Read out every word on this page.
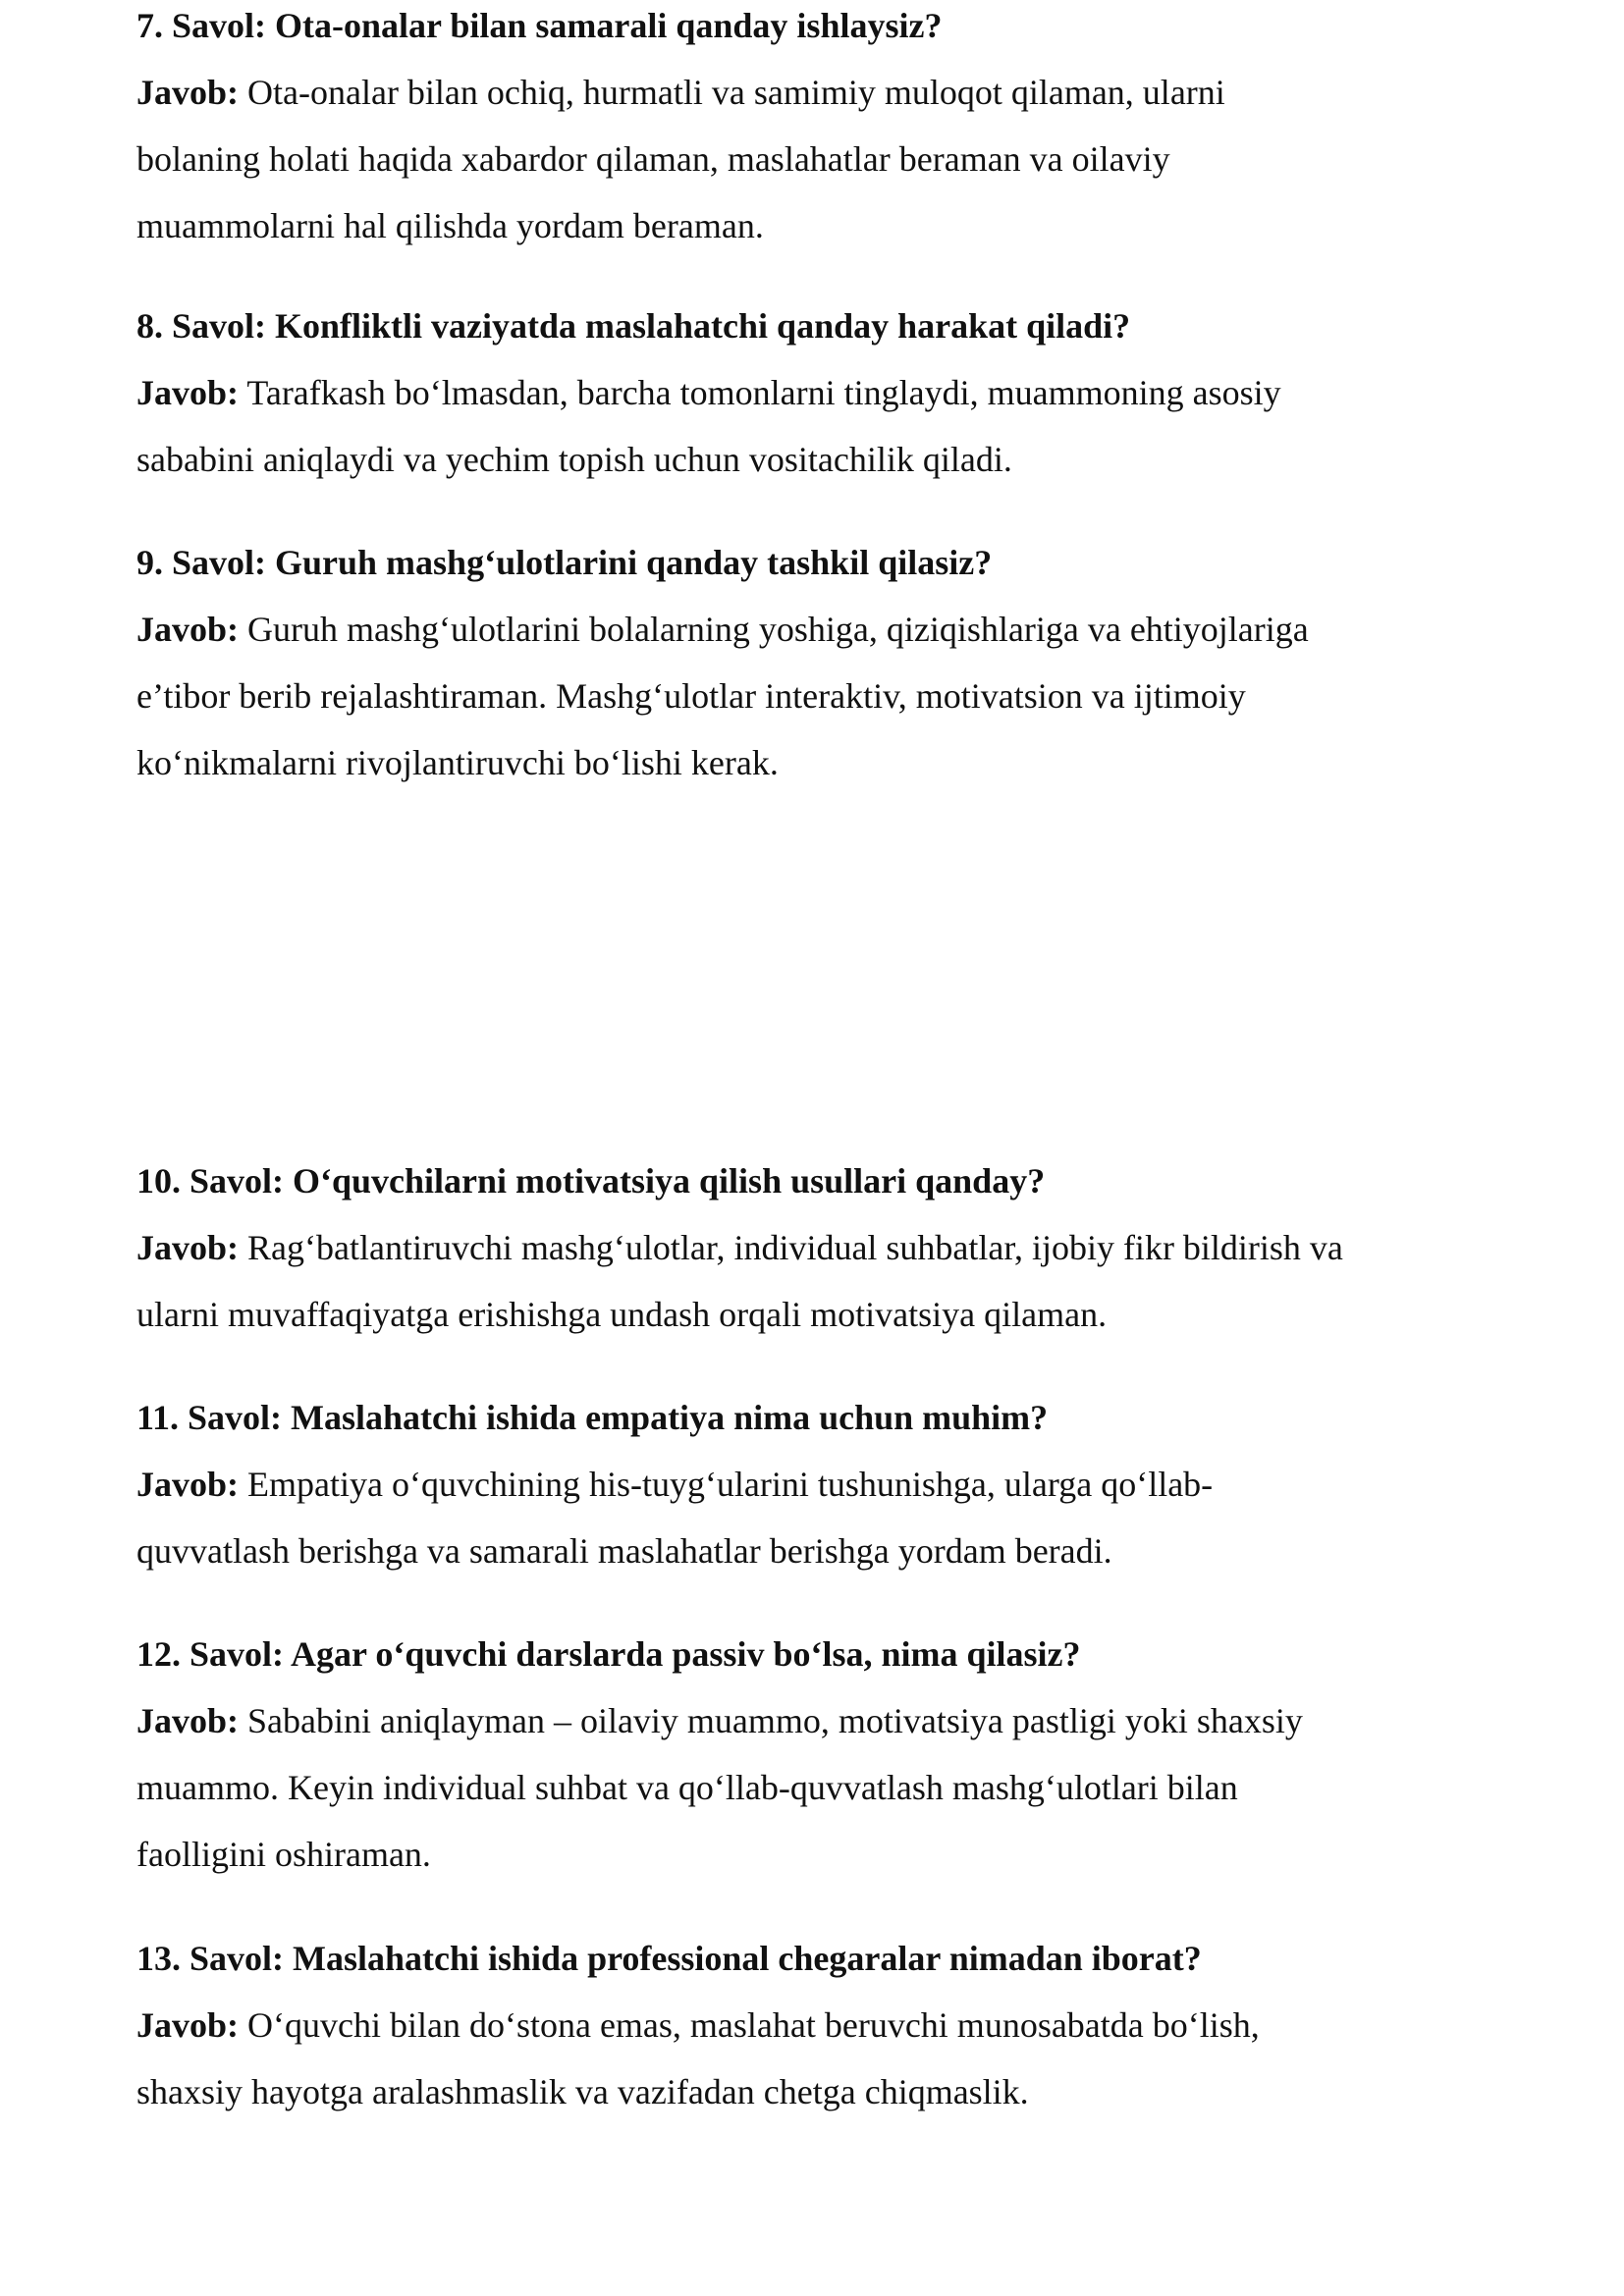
7. Savol: Ota-onalar bilan samarali qanday ishlaysiz?
Javob: Ota-onalar bilan ochiq, hurmatli va samimiy muloqot qilaman, ularni
bolaning holati haqida xabardor qilaman, maslahatlar beraman va oilaviy
muammolarni hal qilishda yordam beraman.
8. Savol: Konfliktli vaziyatda maslahatchi qanday harakat qiladi?
Javob: Tarafkash bo‘lmasdan, barcha tomonlarni tinglaydi, muammoning asosiy
sababini aniqlaydi va yechim topish uchun vositachilik qiladi.
9. Savol: Guruh mashg‘ulotlarini qanday tashkil qilasiz?
Javob: Guruh mashg‘ulotlarini bolalarning yoshiga, qiziqishlariga va ehtiyojlariga
e’tibor berib rejalashtiraman. Mashg‘ulotlar interaktiv, motivatsion va ijtimoiy
ko‘nikmalarni rivojlantiruvchi bo‘lishi kerak.
10. Savol: O‘quvchilarni motivatsiya qilish usullari qanday?
Javob: Rag‘batlantiruvchi mashg‘ulotlar, individual suhbatlar, ijobiy fikr bildirish va
ularni muvaffaqiyatga erishishga undash orqali motivatsiya qilaman.
11. Savol: Maslahatchi ishida empatiya nima uchun muhim?
Javob: Empatiya o‘quvchining his-tuyg‘ularini tushunishga, ularga qo‘llab-
quvvatlash berishga va samarali maslahatlar berishga yordam beradi.
12. Savol: Agar o‘quvchi darslarda passiv bo‘lsa, nima qilasiz?
Javob: Sababini aniqlayman – oilaviy muammo, motivatsiya pastligi yoki shaxsiy
muammo. Keyin individual suhbat va qo‘llab-quvvatlash mashg‘ulotlari bilan
faolligini oshiraman.
13. Savol: Maslahatchi ishida professional chegaralar nimadan iborat?
Javob: O‘quvchi bilan do‘stona emas, maslahat beruvchi munosabatda bo‘lish,
shaxsiy hayotga aralashmaslik va vazifadan chetga chiqmaslik.
